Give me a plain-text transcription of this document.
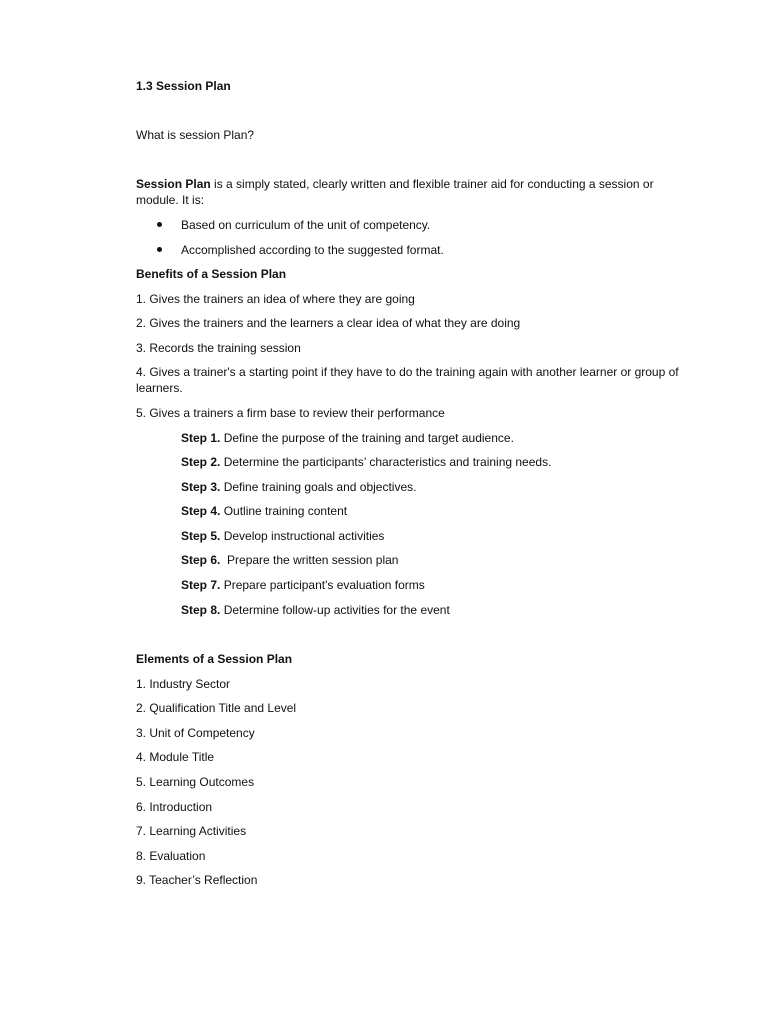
1.3 Session Plan
What is session Plan?
Session Plan is a simply stated, clearly written and flexible trainer aid for conducting a session or module. It is:
Based on curriculum of the unit of competency.
Accomplished according to the suggested format.
Benefits of a Session Plan
1. Gives the trainers an idea of where they are going
2. Gives the trainers and the learners a clear idea of what they are doing
3. Records the training session
4. Gives a trainer's a starting point if they have to do the training again with another learner or group of learners.
5. Gives a trainers a firm base to review their performance
Step 1. Define the purpose of the training and target audience.
Step 2. Determine the participants’ characteristics and training needs.
Step 3. Define training goals and objectives.
Step 4. Outline training content
Step 5. Develop instructional activities
Step 6.  Prepare the written session plan
Step 7. Prepare participant's evaluation forms
Step 8. Determine follow-up activities for the event
Elements of a Session Plan
1. Industry Sector
2. Qualification Title and Level
3. Unit of Competency
4. Module Title
5. Learning Outcomes
6. Introduction
7. Learning Activities
8. Evaluation
9. Teacher’s Reflection
